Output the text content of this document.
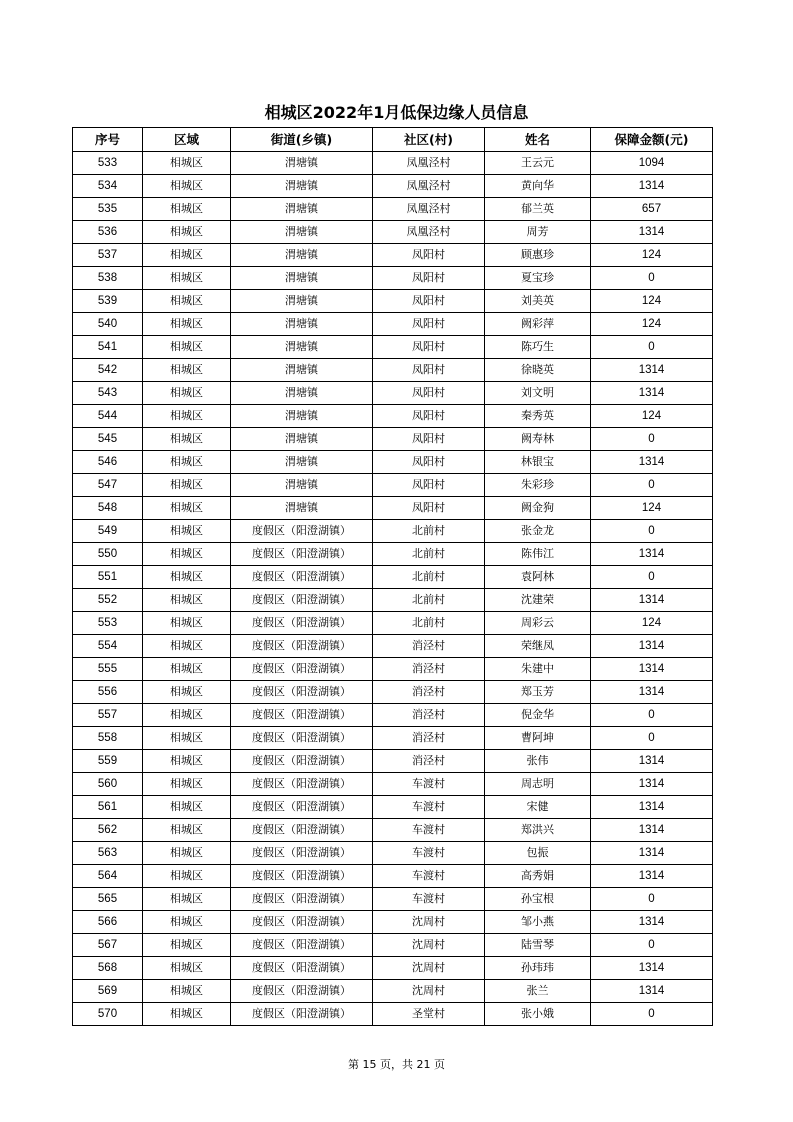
相城区2022年1月低保边缘人员信息
序号	区域	街道(乡镇)	社区(村)	姓名	保障金额(元)
533	相城区	渭塘镇	凤凰泾村	王云元	1094
534	相城区	渭塘镇	凤凰泾村	黄向华	1314
535	相城区	渭塘镇	凤凰泾村	郁兰英	657
536	相城区	渭塘镇	凤凰泾村	周芳	1314
537	相城区	渭塘镇	凤阳村	顾惠珍	124
538	相城区	渭塘镇	凤阳村	夏宝珍	0
539	相城区	渭塘镇	凤阳村	刘美英	124
540	相城区	渭塘镇	凤阳村	阙彩萍	124
541	相城区	渭塘镇	凤阳村	陈巧生	0
542	相城区	渭塘镇	凤阳村	徐晓英	1314
543	相城区	渭塘镇	凤阳村	刘文明	1314
544	相城区	渭塘镇	凤阳村	秦秀英	124
545	相城区	渭塘镇	凤阳村	阙寿林	0
546	相城区	渭塘镇	凤阳村	林银宝	1314
547	相城区	渭塘镇	凤阳村	朱彩珍	0
548	相城区	渭塘镇	凤阳村	阙金狗	124
549	相城区	度假区（阳澄湖镇）	北前村	张金龙	0
550	相城区	度假区（阳澄湖镇）	北前村	陈伟江	1314
551	相城区	度假区（阳澄湖镇）	北前村	袁阿林	0
552	相城区	度假区（阳澄湖镇）	北前村	沈建荣	1314
553	相城区	度假区（阳澄湖镇）	北前村	周彩云	124
554	相城区	度假区（阳澄湖镇）	消泾村	荣继凤	1314
555	相城区	度假区（阳澄湖镇）	消泾村	朱建中	1314
556	相城区	度假区（阳澄湖镇）	消泾村	郑玉芳	1314
557	相城区	度假区（阳澄湖镇）	消泾村	倪金华	0
558	相城区	度假区（阳澄湖镇）	消泾村	曹阿坤	0
559	相城区	度假区（阳澄湖镇）	消泾村	张伟	1314
560	相城区	度假区（阳澄湖镇）	车渡村	周志明	1314
561	相城区	度假区（阳澄湖镇）	车渡村	宋健	1314
562	相城区	度假区（阳澄湖镇）	车渡村	郑洪兴	1314
563	相城区	度假区（阳澄湖镇）	车渡村	包振	1314
564	相城区	度假区（阳澄湖镇）	车渡村	高秀娟	1314
565	相城区	度假区（阳澄湖镇）	车渡村	孙宝根	0
566	相城区	度假区（阳澄湖镇）	沈周村	邹小燕	1314
567	相城区	度假区（阳澄湖镇）	沈周村	陆雪琴	0
568	相城区	度假区（阳澄湖镇）	沈周村	孙玮玮	1314
569	相城区	度假区（阳澄湖镇）	沈周村	张兰	1314
570	相城区	度假区（阳澄湖镇）	圣堂村	张小娥	0
第 15 页，共 21 页
